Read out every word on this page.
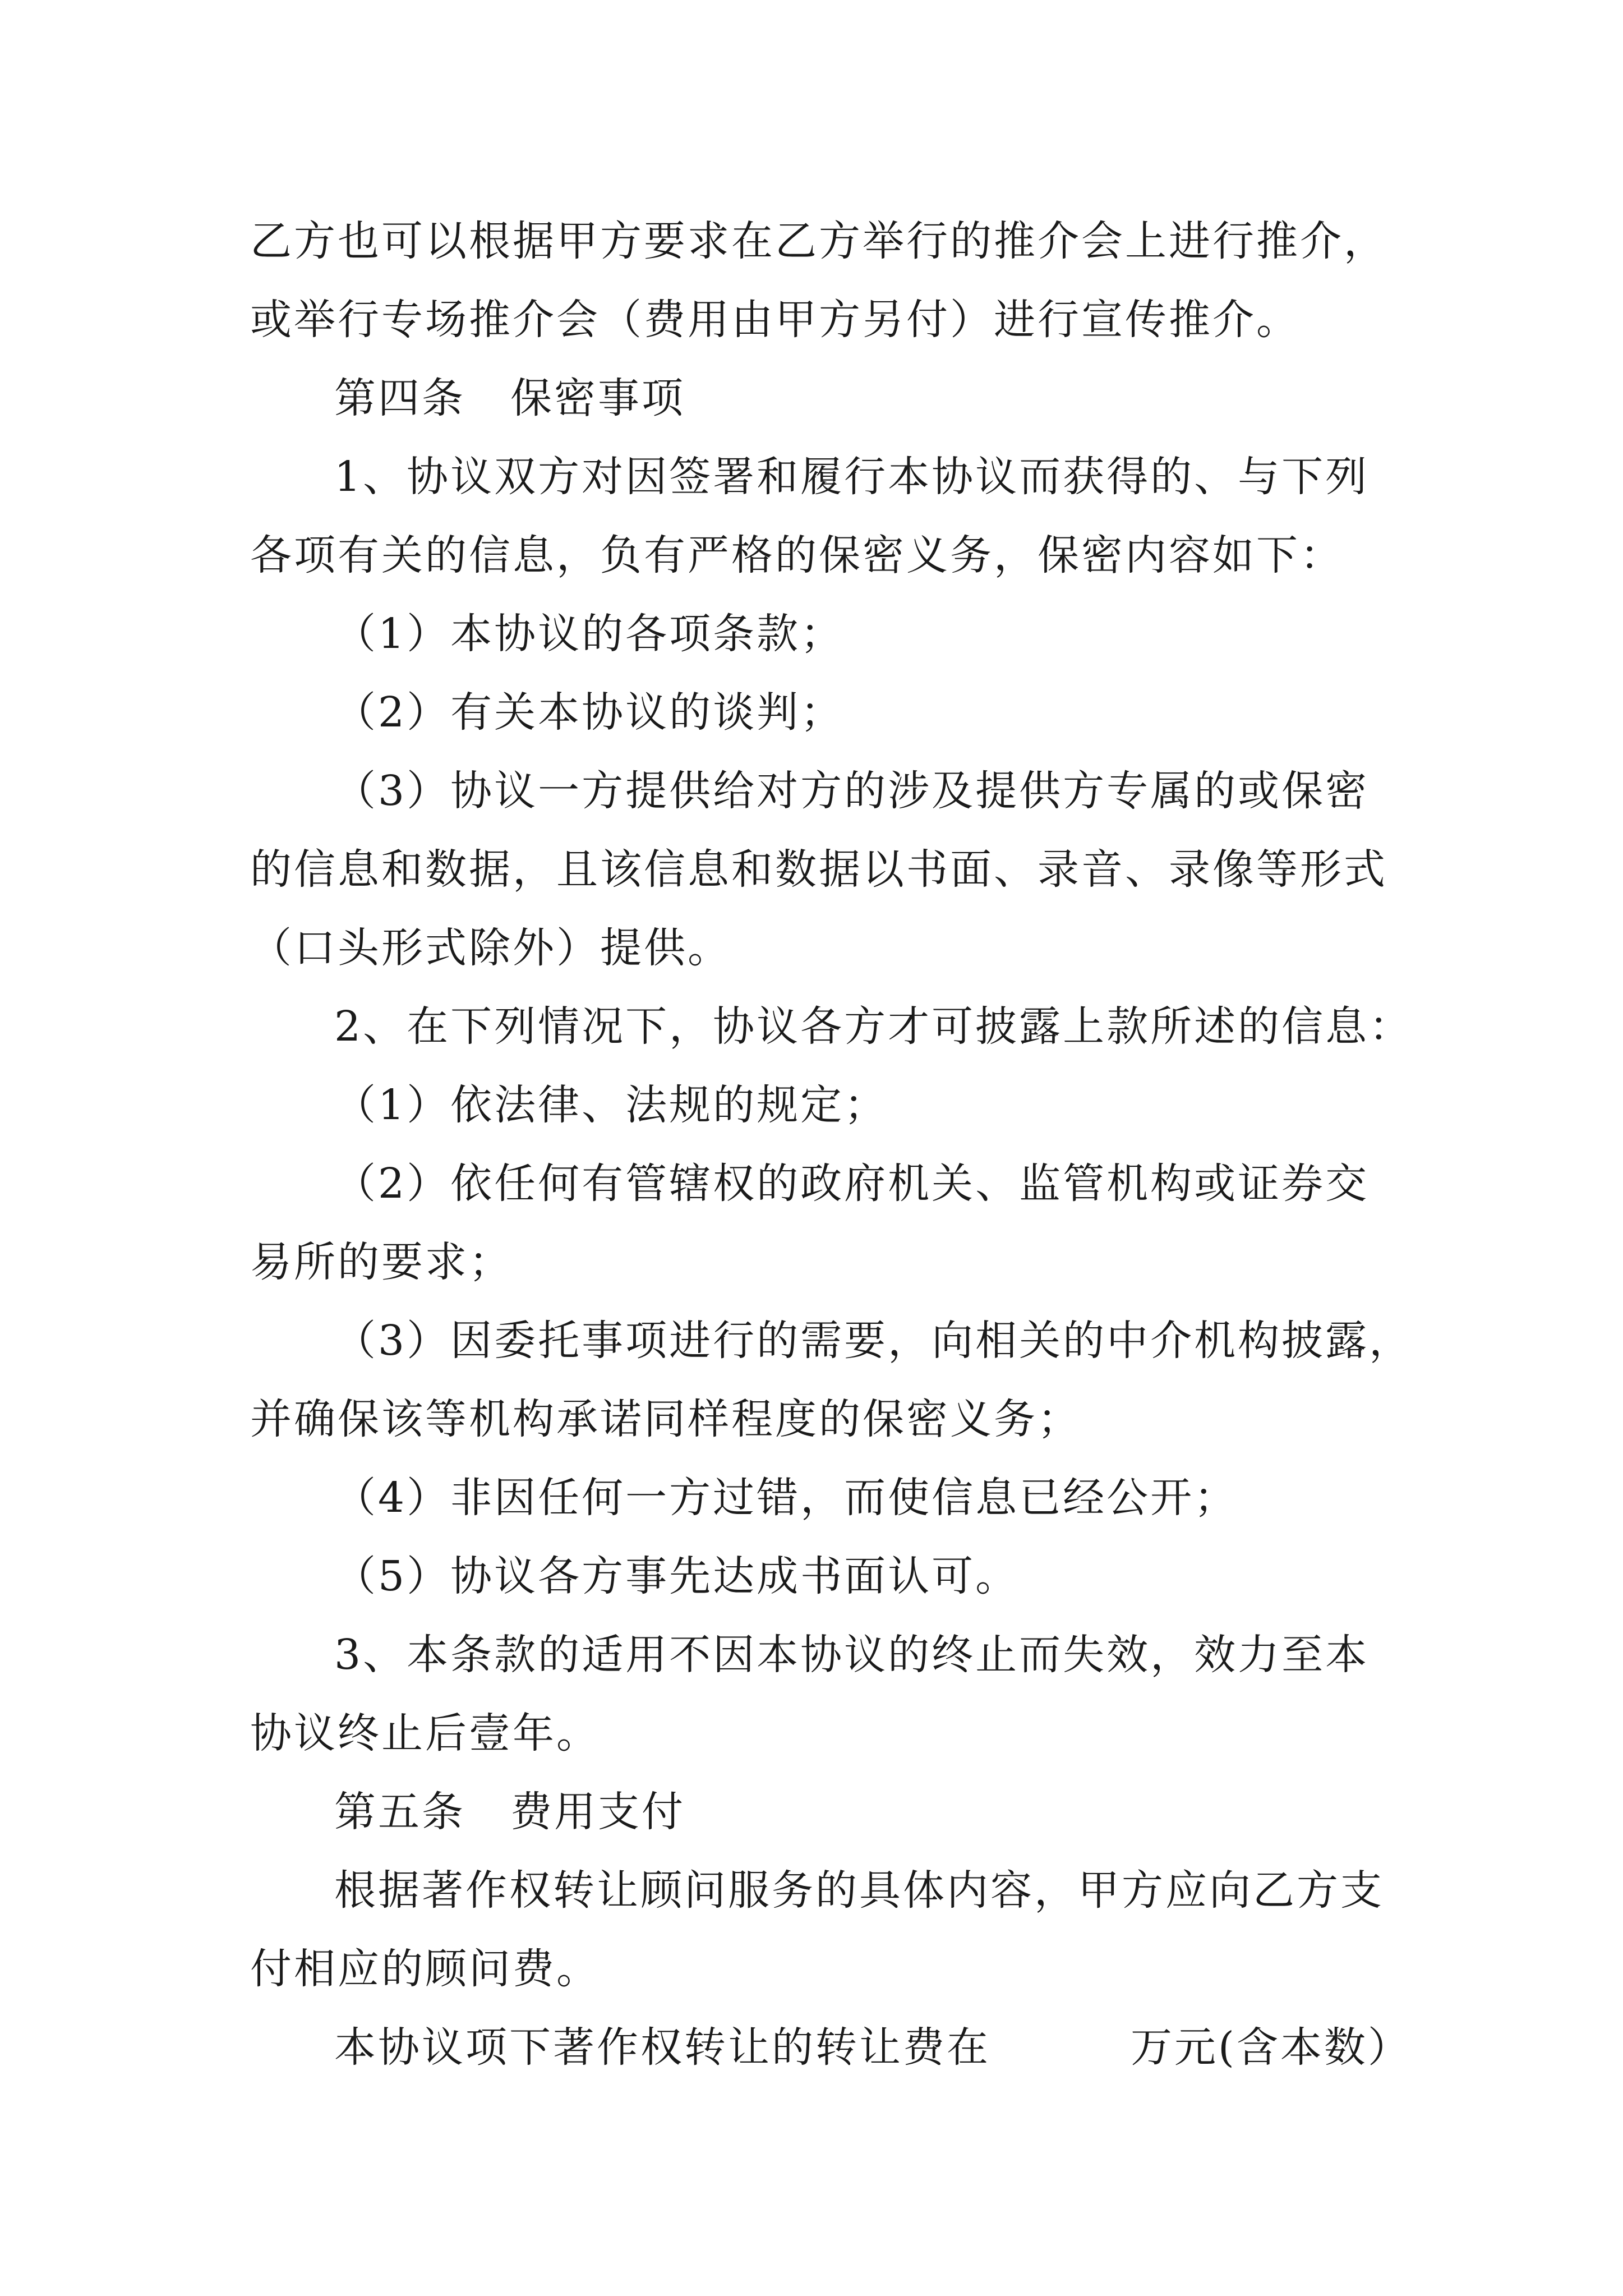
乙方也可以根据甲方要求在乙方举行的推介会上进行推介，
或举行专场推介会（费用由甲方另付）进行宣传推介。
第四条 保密事项
1、协议双方对因签署和履行本协议而获得的、与下列
各项有关的信息，负有严格的保密义务，保密内容如下：
（1）本协议的各项条款；
（2）有关本协议的谈判；
（3）协议一方提供给对方的涉及提供方专属的或保密
的信息和数据，且该信息和数据以书面、录音、录像等形式
（口头形式除外）提供。
2、在下列情况下，协议各方才可披露上款所述的信息：
（1）依法律、法规的规定；
（2）依任何有管辖权的政府机关、监管机构或证券交
易所的要求；
（3）因委托事项进行的需要，向相关的中介机构披露，
并确保该等机构承诺同样程度的保密义务；
（4）非因任何一方过错，而使信息已经公开；
（5）协议各方事先达成书面认可。
3、本条款的适用不因本协议的终止而失效，效力至本
协议终止后壹年。
第五条 费用支付
根据著作权转让顾问服务的具体内容，甲方应向乙方支
付相应的顾问费。
本协议项下著作权转让的转让费在	万元(含本数）
